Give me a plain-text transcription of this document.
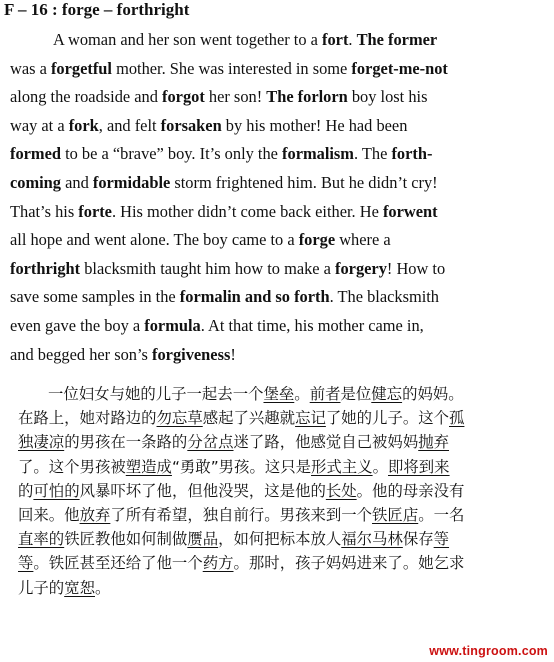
F – 16 : forge – forthright
A woman and her son went together to a fort. The former
was a forgetful mother. She was interested in some forget-me-not
along the roadside and forgot her son! The forlorn boy lost his
way at a fork, and felt forsaken by his mother! He had been
formed to be a “brave” boy. It’s only the formalism. The forth-
coming and formidable storm frightened him. But he didn’t cry!
That’s his forte. His mother didn’t come back either. He forwent
all hope and went alone. The boy came to a forge where a
forthright blacksmith taught him how to make a forgery! How to
save some samples in the formalin and so forth. The blacksmith
even gave the boy a formula. At that time, his mother came in,
and begged her son’s forgiveness!
一位妇女与她的儿子一起去一个堡垒。前者是位健忘的妈妈。
在路上，她对路边的勿忘草感起了兴趣就忘记了她的儿子。这个孤
独凄凉的男孩在一条路的分岔点迷了路，他感觉自己被妈妈抛弃
了。这个男孩被塑造成“勇敢”男孩。这只是形式主义。即将到来
的可怕的风暴吓坏了他，但他没哭，这是他的长处。他的母亲没有
回来。他放弃了所有希望，独自前行。男孩来到一个铁匠店。一名
直率的铁匠教他如何制做赝品，如何把标本放人福尔马林保存等
等。铁匠甚至还给了他一个药方。那时，孩子妈妈进来了。她乞求
儿子的宽恕。
www.tingroom.com
